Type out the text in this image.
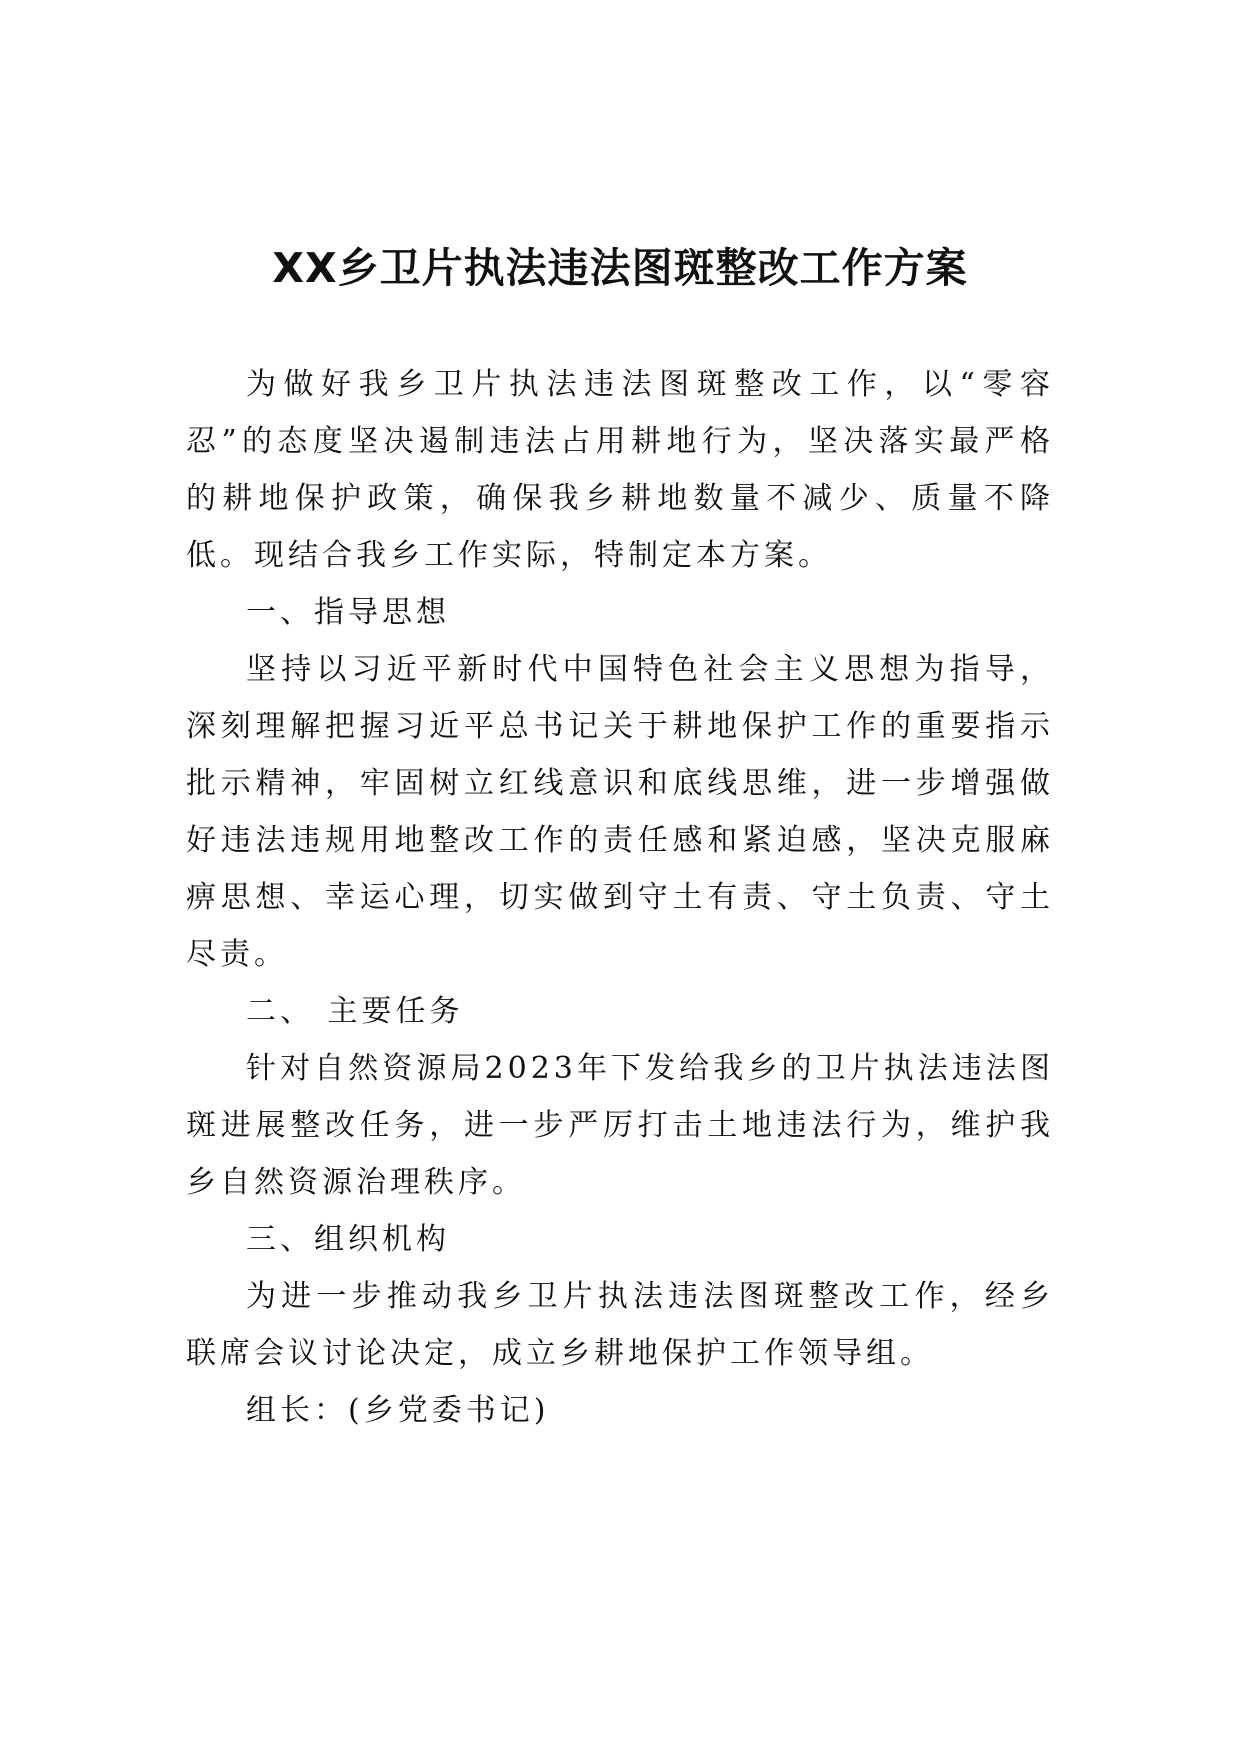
XX乡卫片执法违法图斑整改工作方案

为做好我乡卫片执法违法图斑整改工作，以“零容忍”的态度坚决遏制违法占用耕地行为，坚决落实最严格的耕地保护政策，确保我乡耕地数量不减少、质量不降低。现结合我乡工作实际，特制定本方案。

一、指导思想

坚持以习近平新时代中国特色社会主义思想为指导，深刻理解把握习近平总书记关于耕地保护工作的重要指示批示精神，牢固树立红线意识和底线思维，进一步增强做好违法违规用地整改工作的责任感和紧迫感，坚决克服麻痹思想、幸运心理，切实做到守土有责、守土负责、守土尽责。

二、 主要任务

针对自然资源局2023年下发给我乡的卫片执法违法图斑进展整改任务，进一步严厉打击土地违法行为，维护我乡自然资源治理秩序。

三、组织机构

为进一步推动我乡卫片执法违法图斑整改工作，经乡联席会议讨论决定，成立乡耕地保护工作领导组。

组长：(乡党委书记)
